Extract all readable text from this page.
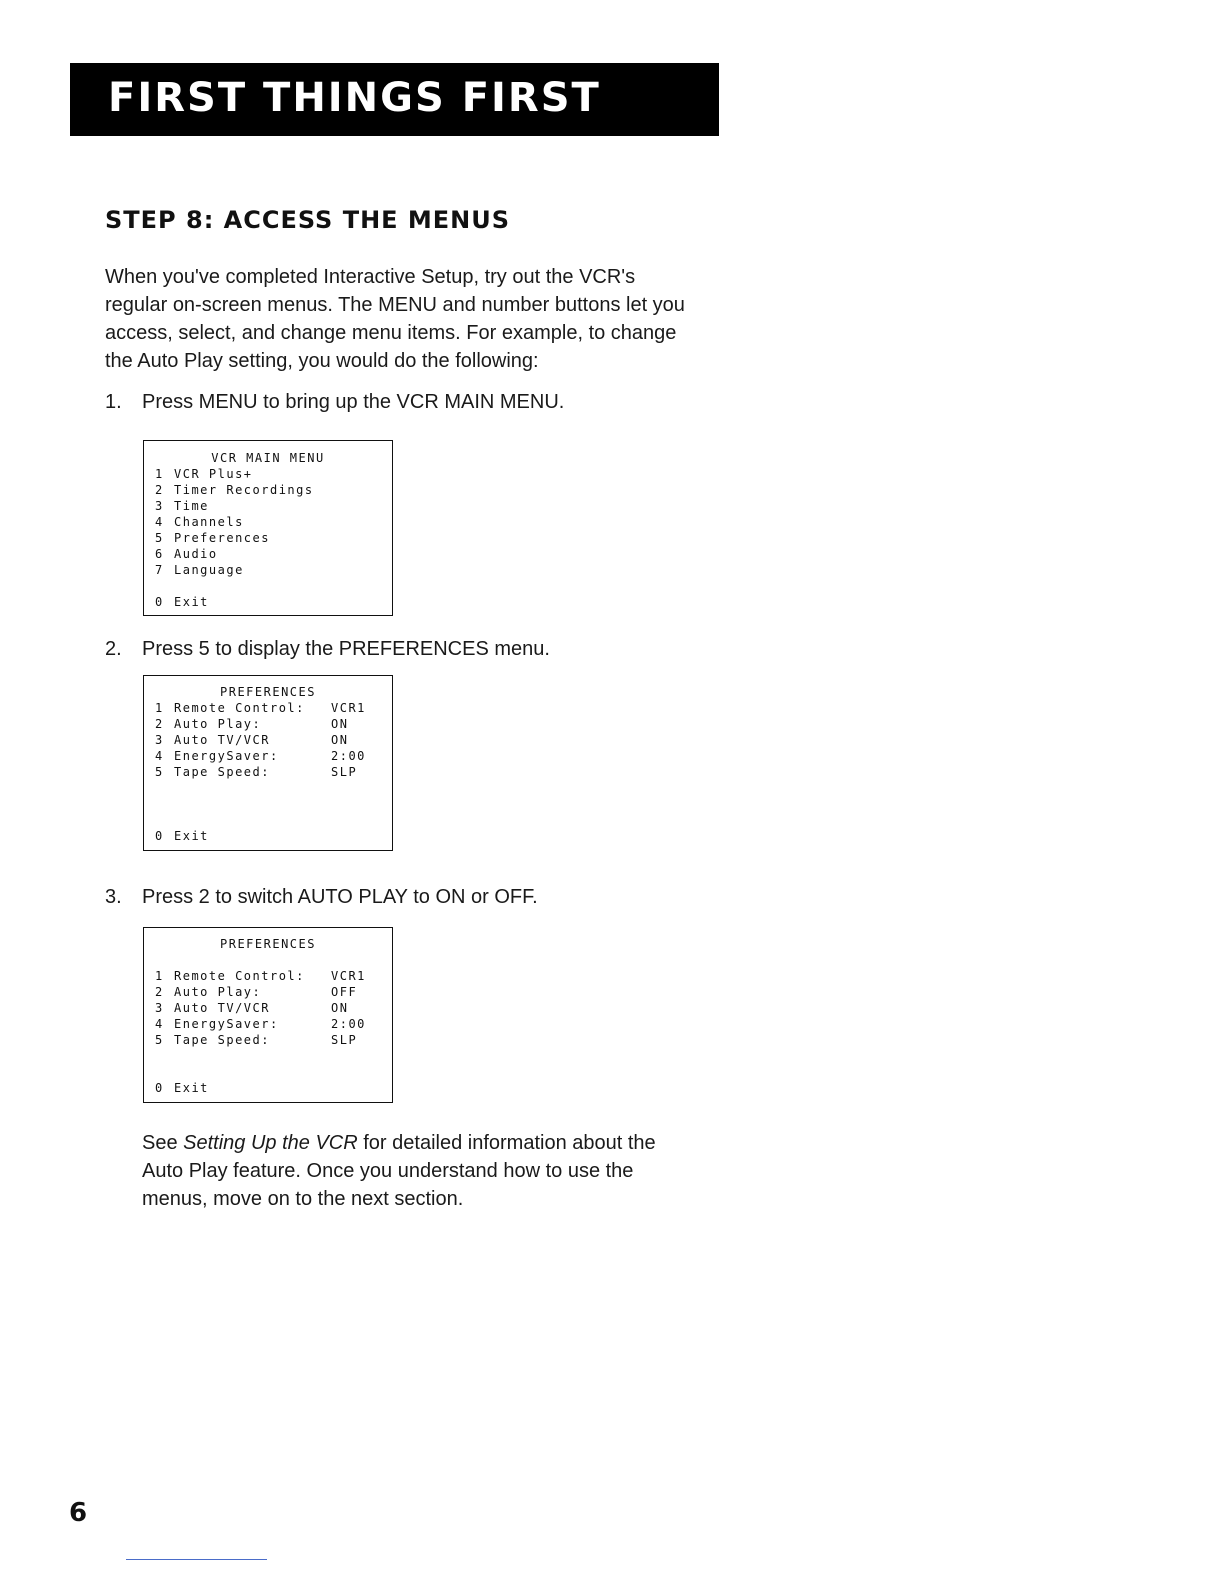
FIRST THINGS FIRST
STEP 8: ACCESS THE MENUS

When you've completed Interactive Setup, try out the VCR's
regular on-screen menus. The MENU and number buttons let you
access, select, and change menu items. For example, to change
the Auto Play setting, you would do the following:

1. Press MENU to bring up the VCR MAIN MENU.
VCR MAIN MENU
1 VCR Plus+
2 Timer Recordings
3 Time
4 Channels
5 Preferences
6 Audio
7 Language
0 Exit
2. Press 5 to display the PREFERENCES menu.
PREFERENCES
1 Remote Control: VCR1
2 Auto Play:	ON
3 Auto TV/VCR	ON
4 EnergySaver:	2:00
5 Tape Speed:	SLP
0 Exit
3. Press 2 to switch AUTO PLAY to ON or OFF.
PREFERENCES
1 Remote Control: VCR1
2 Auto Play:	OFF
3 Auto TV/VCR	ON
4 EnergySaver:	2:00
5 Tape Speed:	SLP
0 Exit
See Setting Up the VCR for detailed information about the
Auto Play feature. Once you understand how to use the
menus, move on to the next section.
6
